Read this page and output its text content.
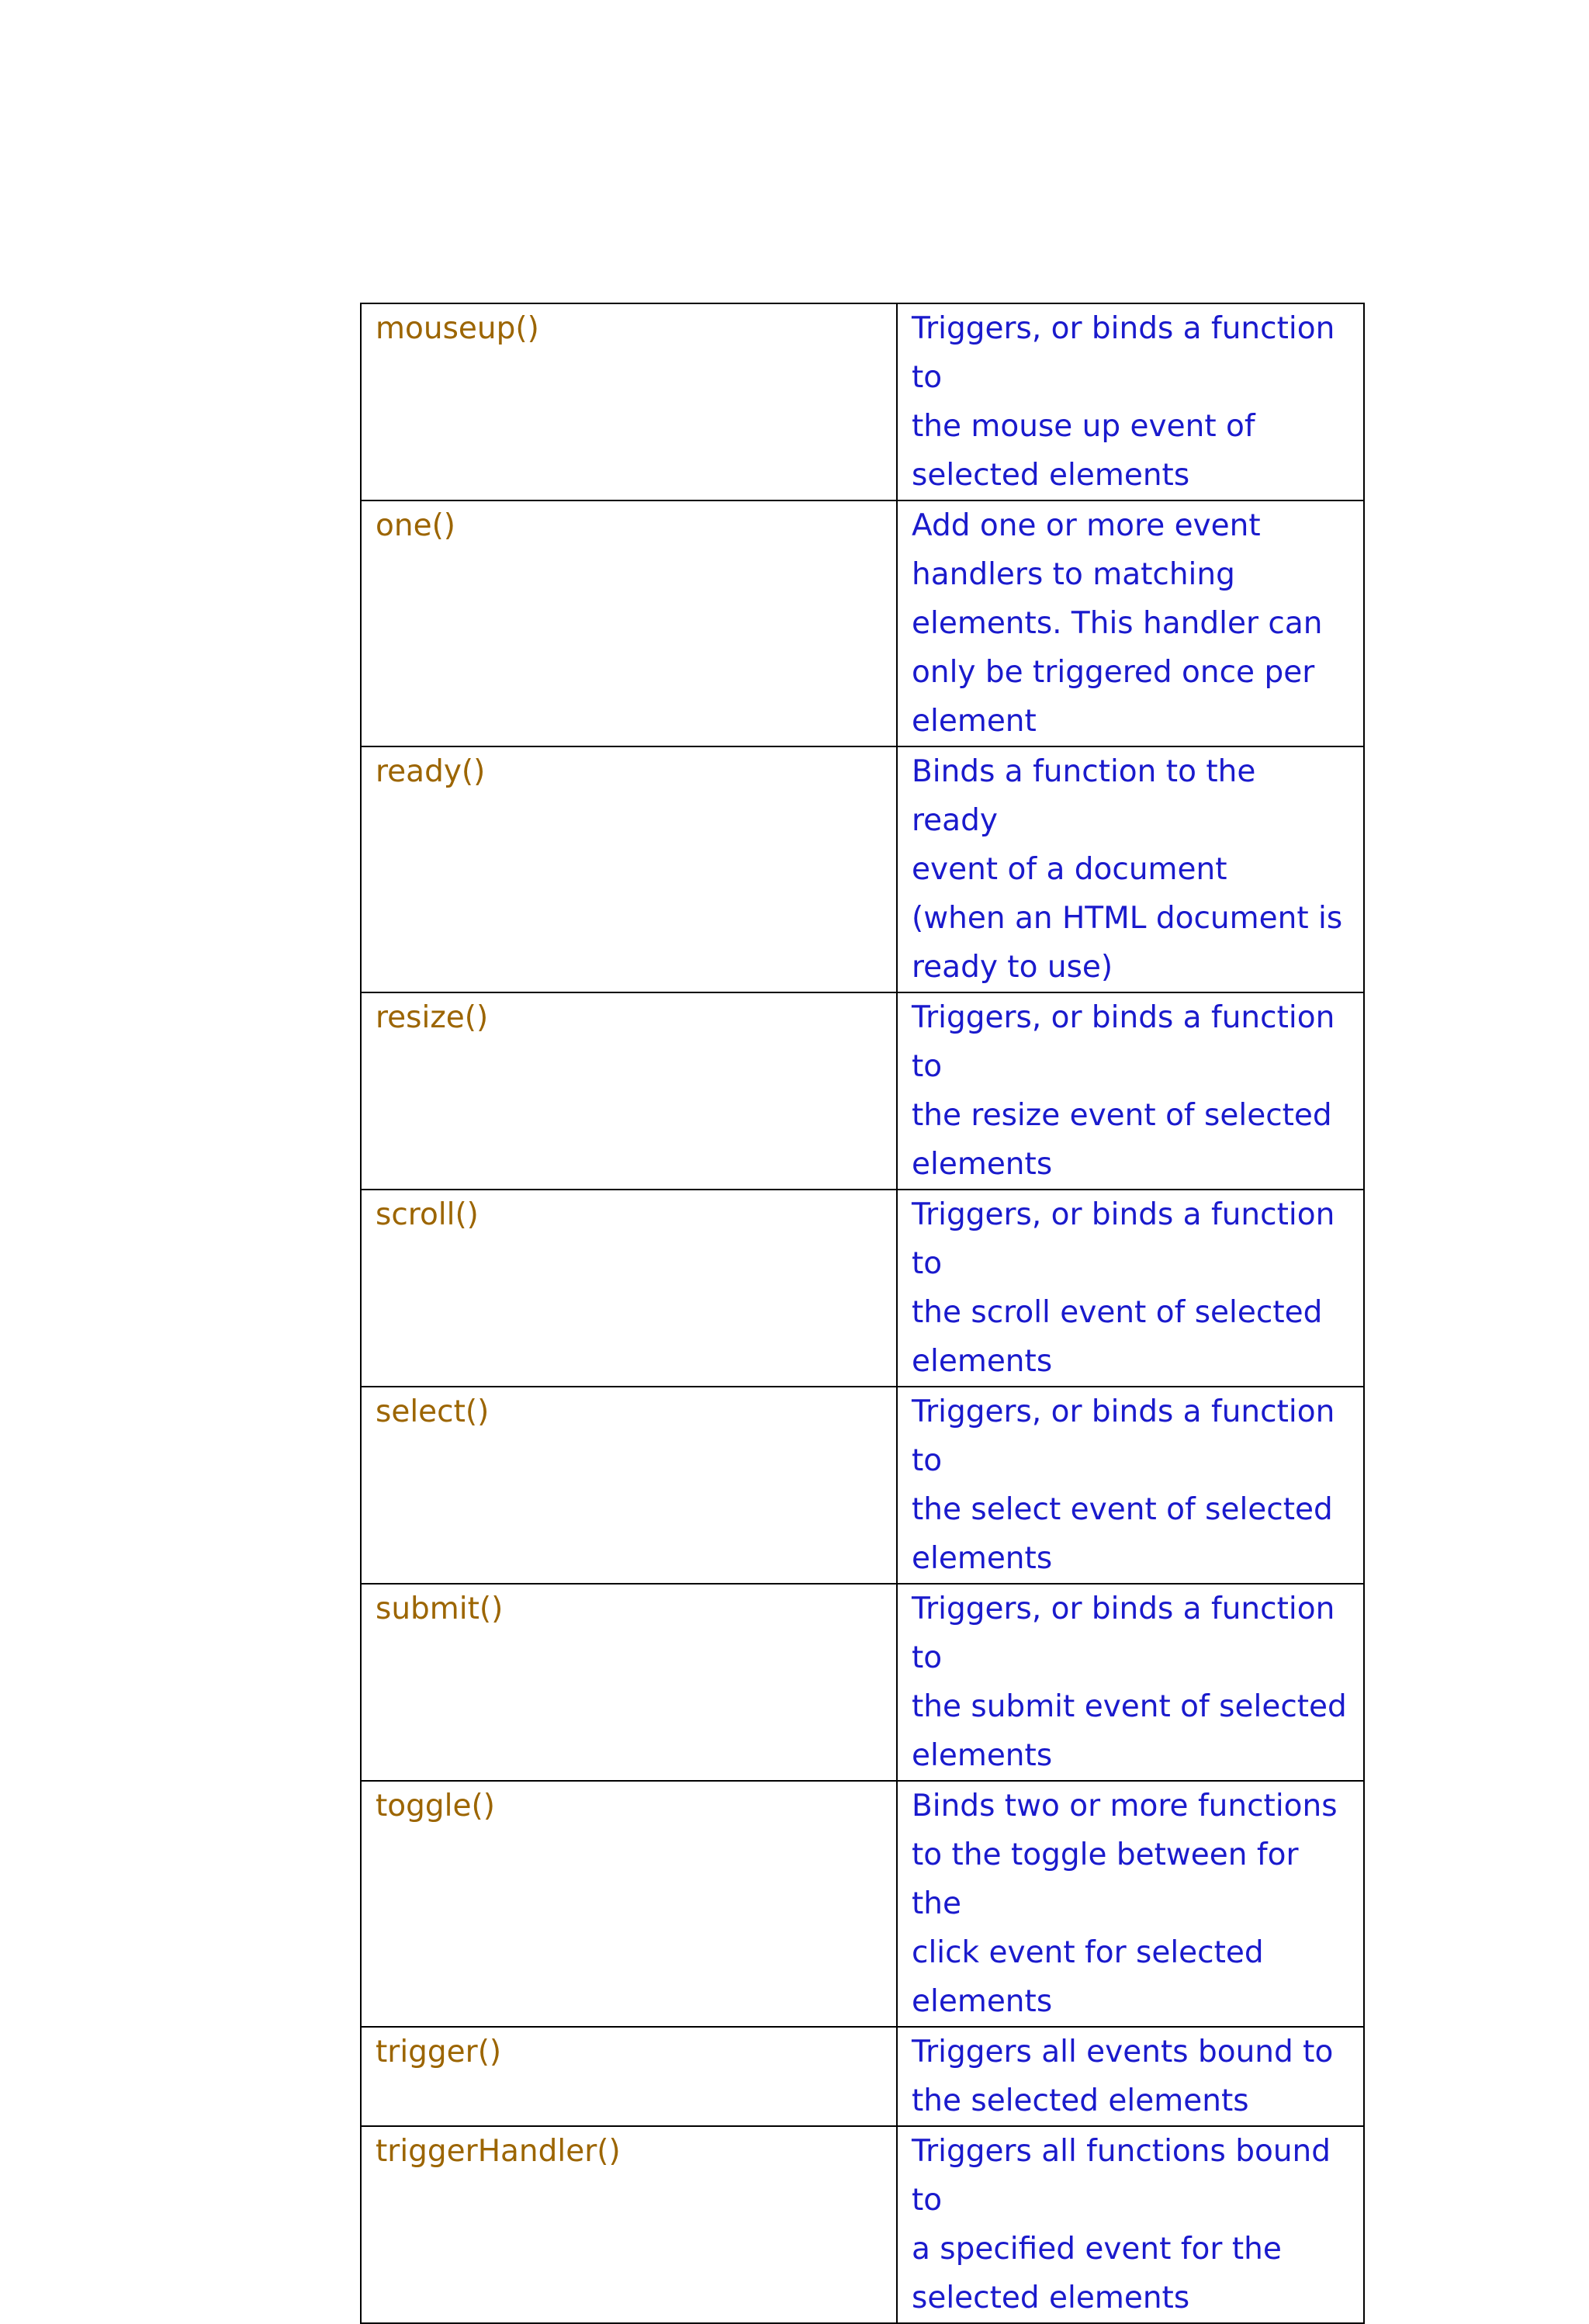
mouseup()	Triggers, or binds a function to
the mouse up event of
selected elements

one()	Add one or more event
handlers to matching
elements. This handler can
only be triggered once per
element

ready()	Binds a function to the ready
event of a document
(when an HTML document is
ready to use)

resize()	Triggers, or binds a function to
the resize event of selected
elements

scroll()	Triggers, or binds a function to
the scroll event of selected
elements

select()	Triggers, or binds a function to
the select event of selected
elements

submit()	Triggers, or binds a function to
the submit event of selected
elements

toggle()	Binds two or more functions
to the toggle between for the
click event for selected
elements

trigger()	Triggers all events bound to
the selected elements

triggerHandler()	Triggers all functions bound to
a specified event for the
selected elements
